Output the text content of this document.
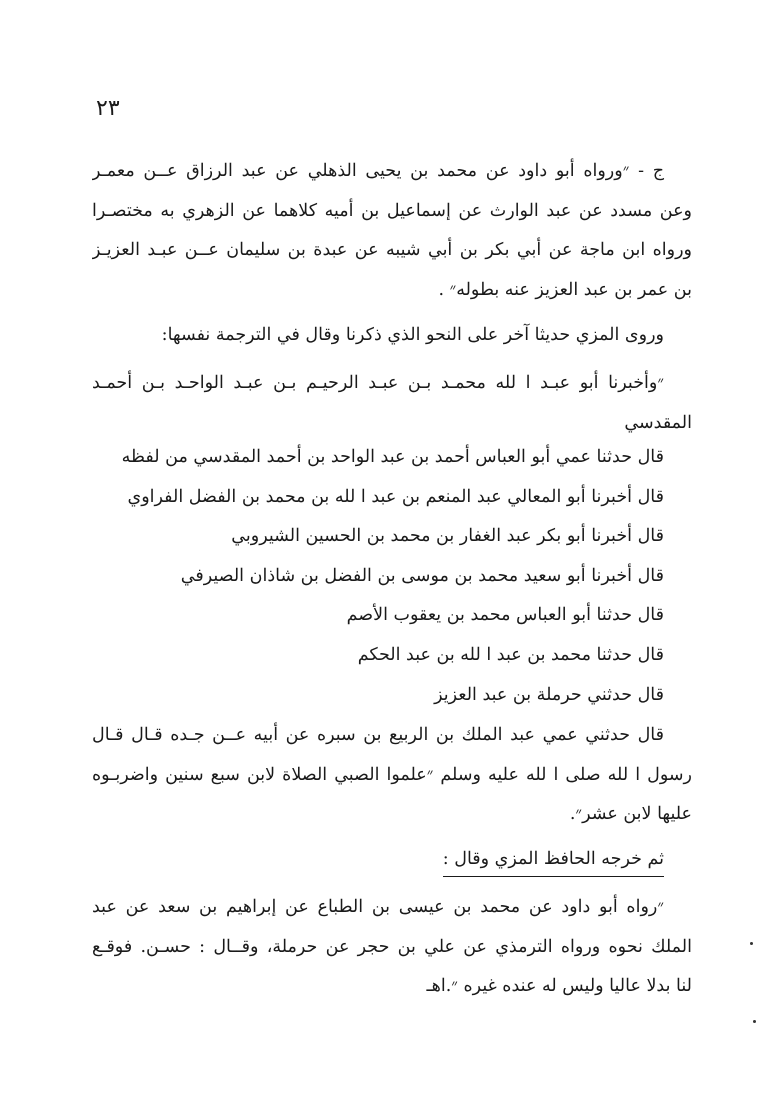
٢٣
ج - ״ورواه أبو داود عن محمد بن يحيى الذهلي عن عبد الرزاق عــن معمـر
وعن مسدد عن عبد الوارث عن إسماعيل بن أميه كلاهما عن الزهري به مختصـرا
ورواه ابن ماجة عن أبي بكر بن أبي شيبه عن عبدة بن سليمان عــن عبـد العزيـز
بن عمر بن عبد العزيز عنه بطوله״ .
وروى المزي حديثا آخر على النحو الذي ذكرنا وقال في الترجمة نفسها:
״وأخبرنا أبو عبـد ا لله محمـد بـن عبـد الرحيـم بـن عبـد الواحـد بـن أحمـد
المقدسي
قال حدثنا عمي أبو العباس أحمد بن عبد الواحد بن أحمد المقدسي من لفظه
قال أخبرنا أبو المعالي عبد المنعم بن عبد ا لله بن محمد بن الفضل الفراوي
قال أخبرنا أبو بكر عبد الغفار بن محمد بن الحسين الشيروبي
قال أخبرنا أبو سعيد محمد بن موسى بن الفضل بن شاذان الصيرفي
قال حدثنا أبو العباس محمد بن يعقوب الأصم
قال حدثنا محمد بن عبد ا لله بن عبد الحكم
قال حدثني حرملة بن عبد العزيز
قال حدثني عمي عبد الملك بن الربيع بن سبره عن أبيه عــن جـده قـال قـال
رسول ا لله صلى ا لله عليه وسلم ״علموا الصبي الصلاة لابن سبع سنين واضربـوه
عليها لابن عشر״.
ثم خرجه الحافظ المزي وقال :
״رواه أبو داود عن محمد بن عيسى بن الطباع عن إبراهيم بن سعد عن عبد
الملك نحوه ورواه الترمذي عن علي بن حجر عن حرملة، وقــال : حسـن. فوقـع
لنا بدلا عاليا وليس له عنده غيره ״.اهـ
